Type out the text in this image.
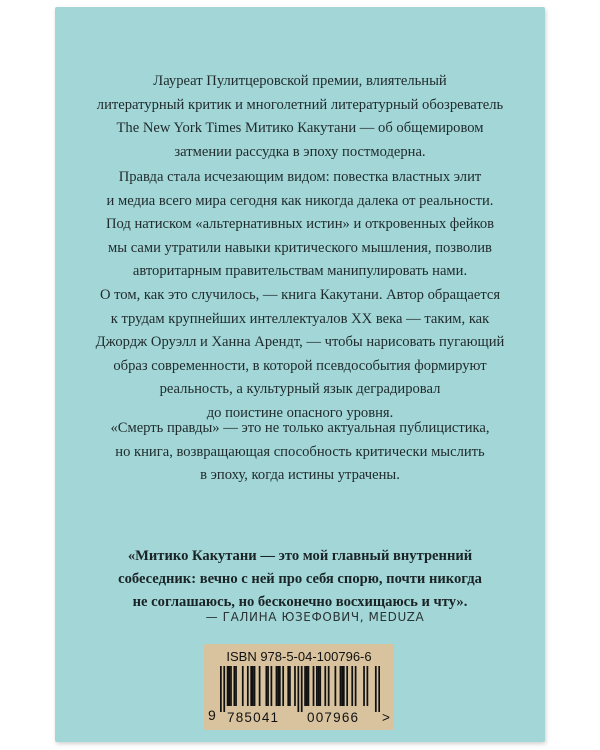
Лауреат Пулитцеровской премии, влиятельный
литературный критик и многолетний литературный обозреватель
The New York Times Митико Какутани — об общемировом
затмении рассудка в эпоху постмодерна.
Правда стала исчезающим видом: повестка властных элит
и медиа всего мира сегодня как никогда далека от реальности.
Под натиском «альтернативных истин» и откровенных фейков
мы сами утратили навыки критического мышления, позволив
авторитарным правительствам манипулировать нами.
О том, как это случилось, — книга Какутани. Автор обращается
к трудам крупнейших интеллектуалов XX века — таким, как
Джордж Оруэлл и Ханна Арендт, — чтобы нарисовать пугающий
образ современности, в которой псевдособытия формируют
реальность, а культурный язык деградировал
до поистине опасного уровня.
«Смерть правды» — это не только актуальная публицистика,
но книга, возвращающая способность критически мыслить
в эпоху, когда истины утрачены.
«Митико Какутани — это мой главный внутренний
собеседник: вечно с ней про себя спорю, почти никогда
не соглашаюсь, но бесконечно восхищаюсь и чту».
— ГАЛИНА ЮЗЕФОВИЧ, MEDUZA
ISBN 978-5-04-100796-6
9 785041 007966 >
